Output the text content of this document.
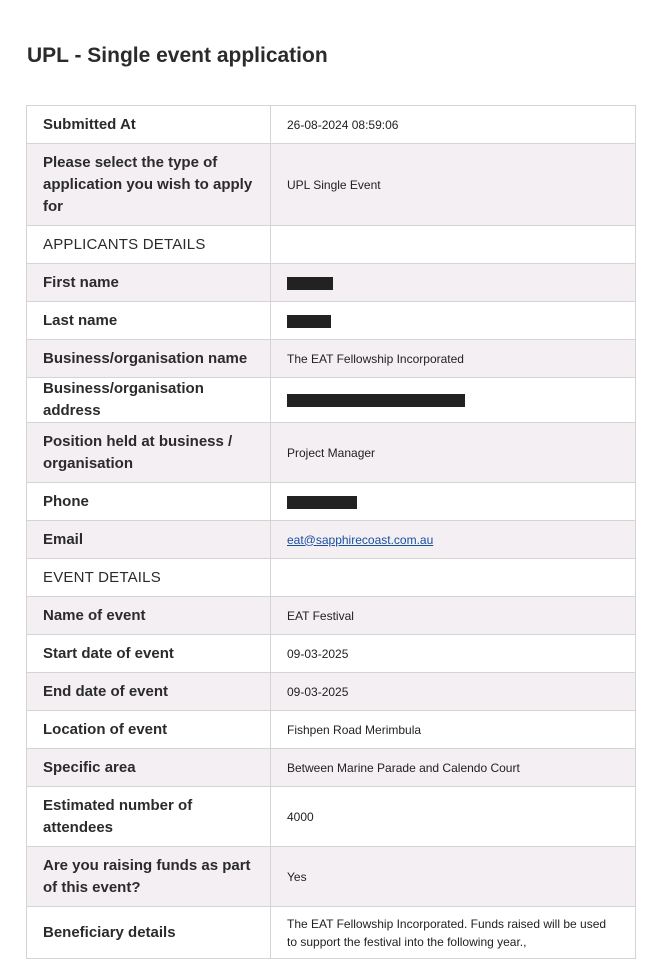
UPL - Single event application
Submitted At	26-08-2024 08:59:06
Please select the type of application you wish to apply for	UPL Single Event
APPLICANTS DETAILS	
First name	
Last name	
Business/organisation name	The EAT Fellowship Incorporated
Business/organisation address	
Position held at business / organisation	Project Manager
Phone	
Email	eat@sapphirecoast.com.au
EVENT DETAILS	
Name of event	EAT Festival
Start date of event	09-03-2025
End date of event	09-03-2025
Location of event	Fishpen Road Merimbula
Specific area	Between Marine Parade and Calendo Court
Estimated number of attendees	4000
Are you raising funds as part of this event?	Yes
Beneficiary details	The EAT Fellowship Incorporated. Funds raised will be used to support the festival into the following year.,
